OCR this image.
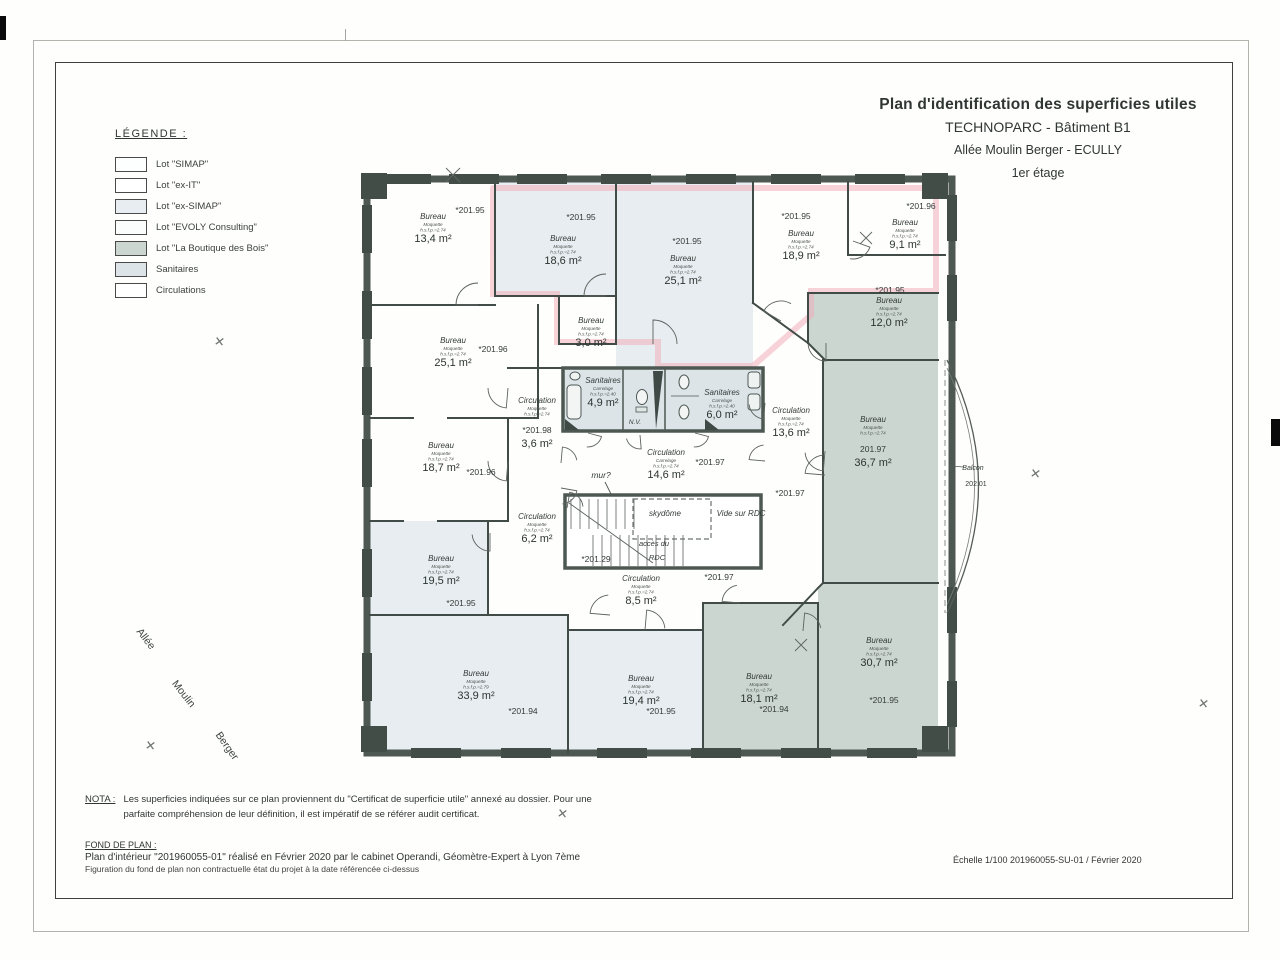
Plan d'identification des superficies utiles
TECHNOPARC - Bâtiment B1
Allée Moulin Berger - ECULLY
1er étage
LÉGENDE :
Lot "SIMAP"
Lot "ex-IT"
Lot "ex-SIMAP"
Lot "EVOLY Consulting"
Lot "La Boutique des Bois"
Sanitaires
Circulations
Bureau
Moquette
h.s.f.p.=2.74
13,4 m²
*201.95
Bureau
Moquette
h.s.f.p.=2.74
18,6 m²
*201.95
Bureau
Moquette
h.s.f.p.=2.74
25,1 m²
*201.95
Bureau
Moquette
h.s.f.p.=2.74
18,9 m²
*201.95
Bureau
Moquette
h.s.f.p.=2.74
9,1 m²
*201.96
Bureau
Moquette
h.s.f.p.=2.74
12,0 m²
*201.95
Bureau
Moquette
h.s.f.p.=2.74
25,1 m²
*201.96
Bureau
Moquette
h.s.f.p.=2.74
3,0 m²
Bureau
Moquette
h.s.f.p.=2.74
18,7 m² *201.96
Bureau
Moquette
h.s.f.p.=2.74
201.97
36,7 m²
Bureau
Moquette
h.s.f.p.=2.74
19,5 m²
*201.95
Bureau
Moquette
h.s.f.p.=2.79
33,9 m²
*201.94
Bureau
Moquette
h.s.f.p.=2.74
19,4 m²
*201.95
Bureau
Moquette
h.s.f.p.=2.74
18,1 m²
*201.94
Bureau
Moquette
h.s.f.p.=2.74
30,7 m²
*201.95
Sanitaires
Carrelage
h.s.f.p.=2.40
4,9 m²
Sanitaires
Carrelage
h.s.f.p.=2.40
6,0 m²
Circulation
Moquette
h.s.f.p.=2.74
*201.98
3,6 m²
Circulation
Carrelage
h.s.f.p.=2.74
14,6 m²
Circulation
Moquette
h.s.f.p.=2.74
13,6 m²
Circulation
Moquette
h.s.f.p.=2.74
6,2 m²
Circulation
Moquette
h.s.f.p.=2.74
8,5 m²
N.V.
mur?
skydôme	Vide sur RDC
accès du
RDC
*201.29
*201.97
*201.97
*201.97
Balcon
202.01
Allée
Moulin
Berger
✕
✕
✕
✕
✕
NOTA : Les superficies indiquées sur ce plan proviennent du "Certificat de superficie utile" annexé au dossier. Pour une parfaite compréhension de leur définition, il est impératif de se référer audit certificat.
FOND DE PLAN :
Plan d'intérieur "201960055-01" réalisé en Février 2020 par le cabinet Operandi, Géomètre-Expert à Lyon 7ème
Figuration du fond de plan non contractuelle état du projet à la date référencée ci-dessus
Échelle 1/100 201960055-SU-01 / Février 2020
